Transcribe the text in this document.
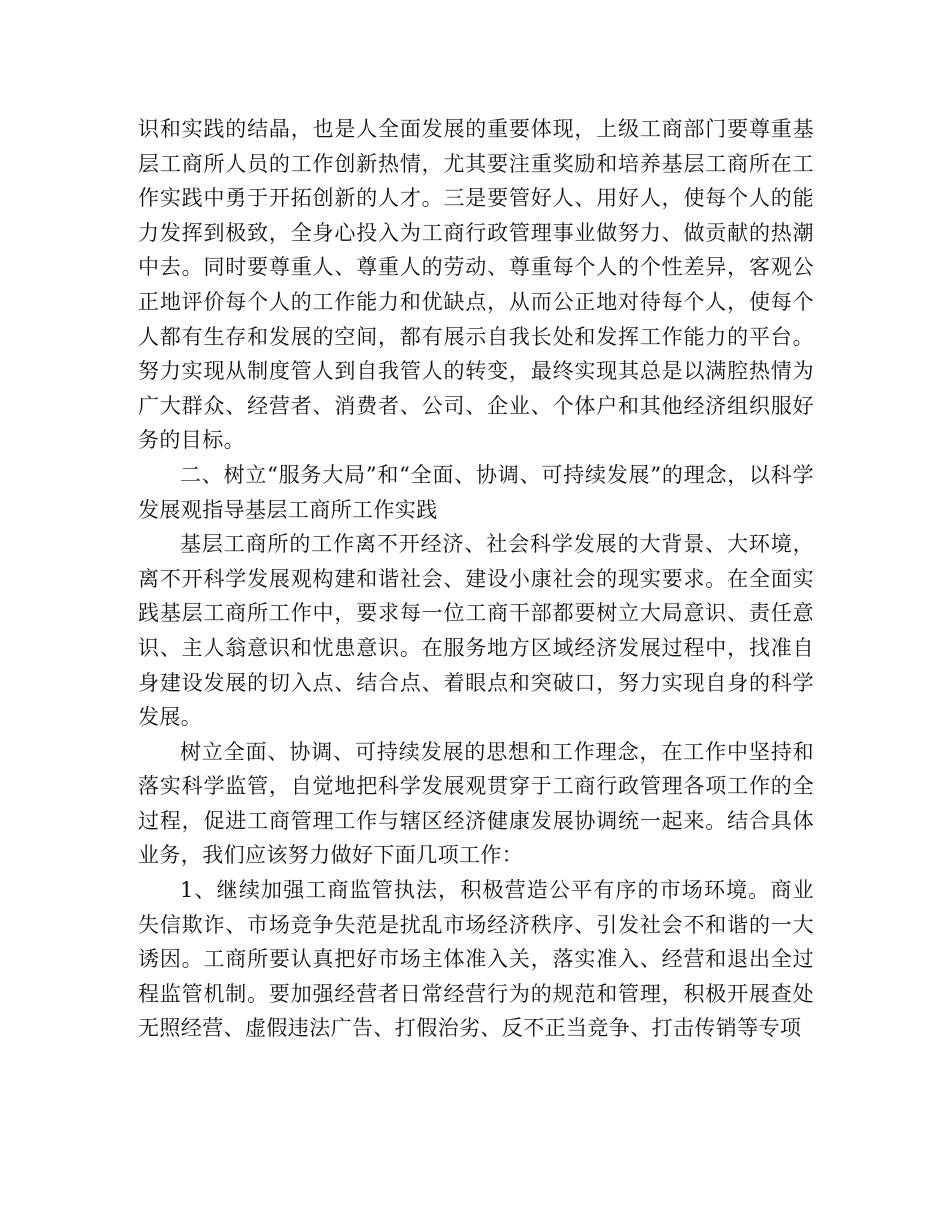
识和实践的结晶，也是人全面发展的重要体现，上级工商部门要尊重基层工商所人员的工作创新热情，尤其要注重奖励和培养基层工商所在工作实践中勇于开拓创新的人才。三是要管好人、用好人，使每个人的能力发挥到极致，全身心投入为工商行政管理事业做努力、做贡献的热潮中去。同时要尊重人、尊重人的劳动、尊重每个人的个性差异，客观公正地评价每个人的工作能力和优缺点，从而公正地对待每个人，使每个人都有生存和发展的空间，都有展示自我长处和发挥工作能力的平台。努力实现从制度管人到自我管人的转变，最终实现其总是以满腔热情为广大群众、经营者、消费者、公司、企业、个体户和其他经济组织服好务的目标。

二、树立“服务大局”和“全面、协调、可持续发展”的理念，以科学发展观指导基层工商所工作实践

基层工商所的工作离不开经济、社会科学发展的大背景、大环境，离不开科学发展观构建和谐社会、建设小康社会的现实要求。在全面实践基层工商所工作中，要求每一位工商干部都要树立大局意识、责任意识、主人翁意识和忧患意识。在服务地方区域经济发展过程中，找准自身建设发展的切入点、结合点、着眼点和突破口，努力实现自身的科学发展。

树立全面、协调、可持续发展的思想和工作理念，在工作中坚持和落实科学监管，自觉地把科学发展观贯穿于工商行政管理各项工作的全过程，促进工商管理工作与辖区经济健康发展协调统一起来。结合具体业务，我们应该努力做好下面几项工作：

1、继续加强工商监管执法，积极营造公平有序的市场环境。商业失信欺诈、市场竞争失范是扰乱市场经济秩序、引发社会不和谐的一大诱因。工商所要认真把好市场主体准入关，落实准入、经营和退出全过程监管机制。要加强经营者日常经营行为的规范和管理，积极开展查处无照经营、虚假违法广告、打假治劣、反不正当竞争、打击传销等专项
